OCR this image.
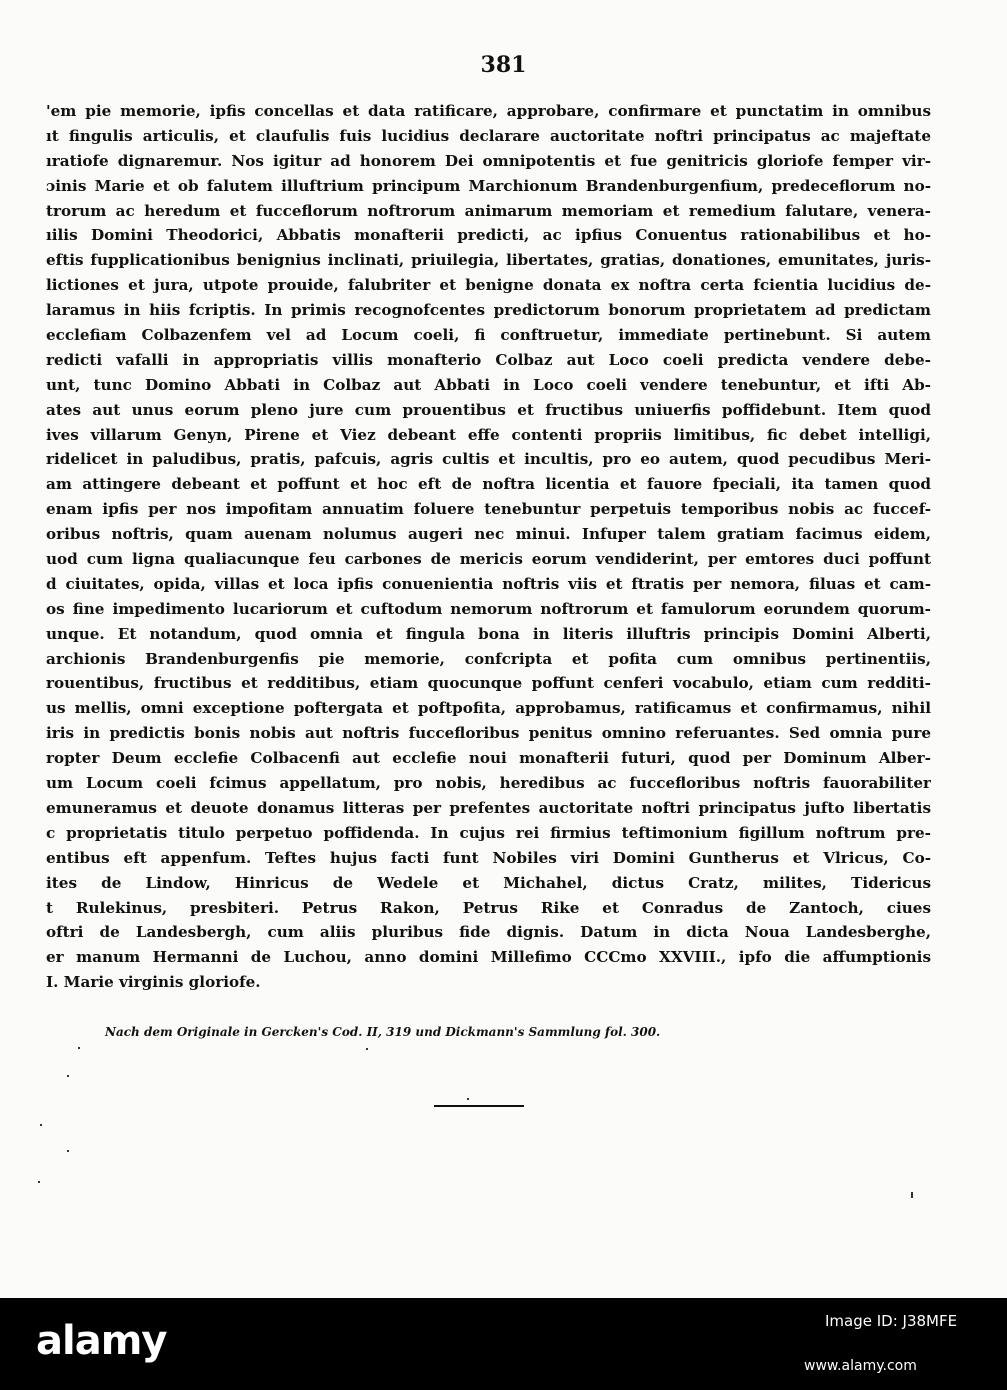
381
'em pie memorie, ipfis concellas et data ratificare, approbare, confirmare et punctatim in omnibus
ıt fingulis articulis, et claufulis fuis lucidius declarare auctoritate noftri principatus ac majeftate
ıratiofe dignaremur. Nos igitur ad honorem Dei omnipotentis et fue genitricis gloriofe femper vir-
ɔinis Marie et ob falutem illuftrium principum Marchionum Brandenburgenfium, predeceflorum no-
trorum ac heredum et fucceflorum noftrorum animarum memoriam et remedium falutare, venera-
ıilis Domini Theodorici, Abbatis monafterii predicti, ac ipfius Conuentus rationabilibus et ho-
eftis fupplicationibus benignius inclinati, priuilegia, libertates, gratias, donationes, emunitates, juris-
lictiones et jura, utpote prouide, falubriter et benigne donata ex noftra certa fcientia lucidius de-
laramus in hiis fcriptis. In primis recognofcentes predictorum bonorum proprietatem ad predictam
ecclefiam Colbazenfem vel ad Locum coeli, fi conftruetur, immediate pertinebunt. Si autem
redicti vafalli in appropriatis villis monafterio Colbaz aut Loco coeli predicta vendere debe-
unt, tunc Domino Abbati in Colbaz aut Abbati in Loco coeli vendere tenebuntur, et ifti Ab-
ates aut unus eorum pleno jure cum prouentibus et fructibus uniuerfis poffidebunt. Item quod
ives villarum Genyn, Pirene et Viez debeant effe contenti propriis limitibus, fic debet intelligi,
ridelicet in paludibus, pratis, pafcuis, agris cultis et incultis, pro eo autem, quod pecudibus Meri-
am attingere debeant et poffunt et hoc eft de noftra licentia et fauore fpeciali, ita tamen quod
enam ipfis per nos impofitam annuatim foluere tenebuntur perpetuis temporibus nobis ac fuccef-
oribus noftris, quam auenam nolumus augeri nec minui. Infuper talem gratiam facimus eidem,
uod cum ligna qualiacunque feu carbones de mericis eorum vendiderint, per emtores duci poffunt
d ciuitates, opida, villas et loca ipfis conuenientia noftris viis et ftratis per nemora, filuas et cam-
os fine impedimento lucariorum et cuftodum nemorum noftrorum et famulorum eorundem quorum-
unque. Et notandum, quod omnia et fingula bona in literis illuftris principis Domini Alberti,
archionis Brandenburgenfis pie memorie, confcripta et pofita cum omnibus pertinentiis,
rouentibus, fructibus et redditibus, etiam quocunque poffunt cenferi vocabulo, etiam cum redditi-
us mellis, omni exceptione poftergata et poftpofita, approbamus, ratificamus et confirmamus, nihil
iris in predictis bonis nobis aut noftris fuccefloribus penitus omnino referuantes. Sed omnia pure
ropter Deum ecclefie Colbacenfi aut ecclefie noui monafterii futuri, quod per Dominum Alber-
um Locum coeli fcimus appellatum, pro nobis, heredibus ac fuccefloribus noftris fauorabiliter
emuneramus et deuote donamus litteras per prefentes auctoritate noftri principatus jufto libertatis
c proprietatis titulo perpetuo poffidenda. In cujus rei firmius teftimonium figillum noftrum pre-
entibus eft appenfum. Teftes hujus facti funt Nobiles viri Domini Guntherus et Vlricus, Co-
ites de Lindow, Hinricus de Wedele et Michahel, dictus Cratz, milites, Tidericus
t Rulekinus, presbiteri. Petrus Rakon, Petrus Rike et Conradus de Zantoch, ciues
oftri de Landesbergh, cum aliis pluribus fide dignis. Datum in dicta Noua Landesberghe,
er manum Hermanni de Luchou, anno domini Millefimo CCCmo XXVIII., ipfo die affumptionis
I. Marie virginis gloriofe.
Nach dem Originale in Gercken's Cod. II, 319 und Dickmann's Sammlung fol. 300.
alamy	Image ID: J38MFE
www.alamy.com
